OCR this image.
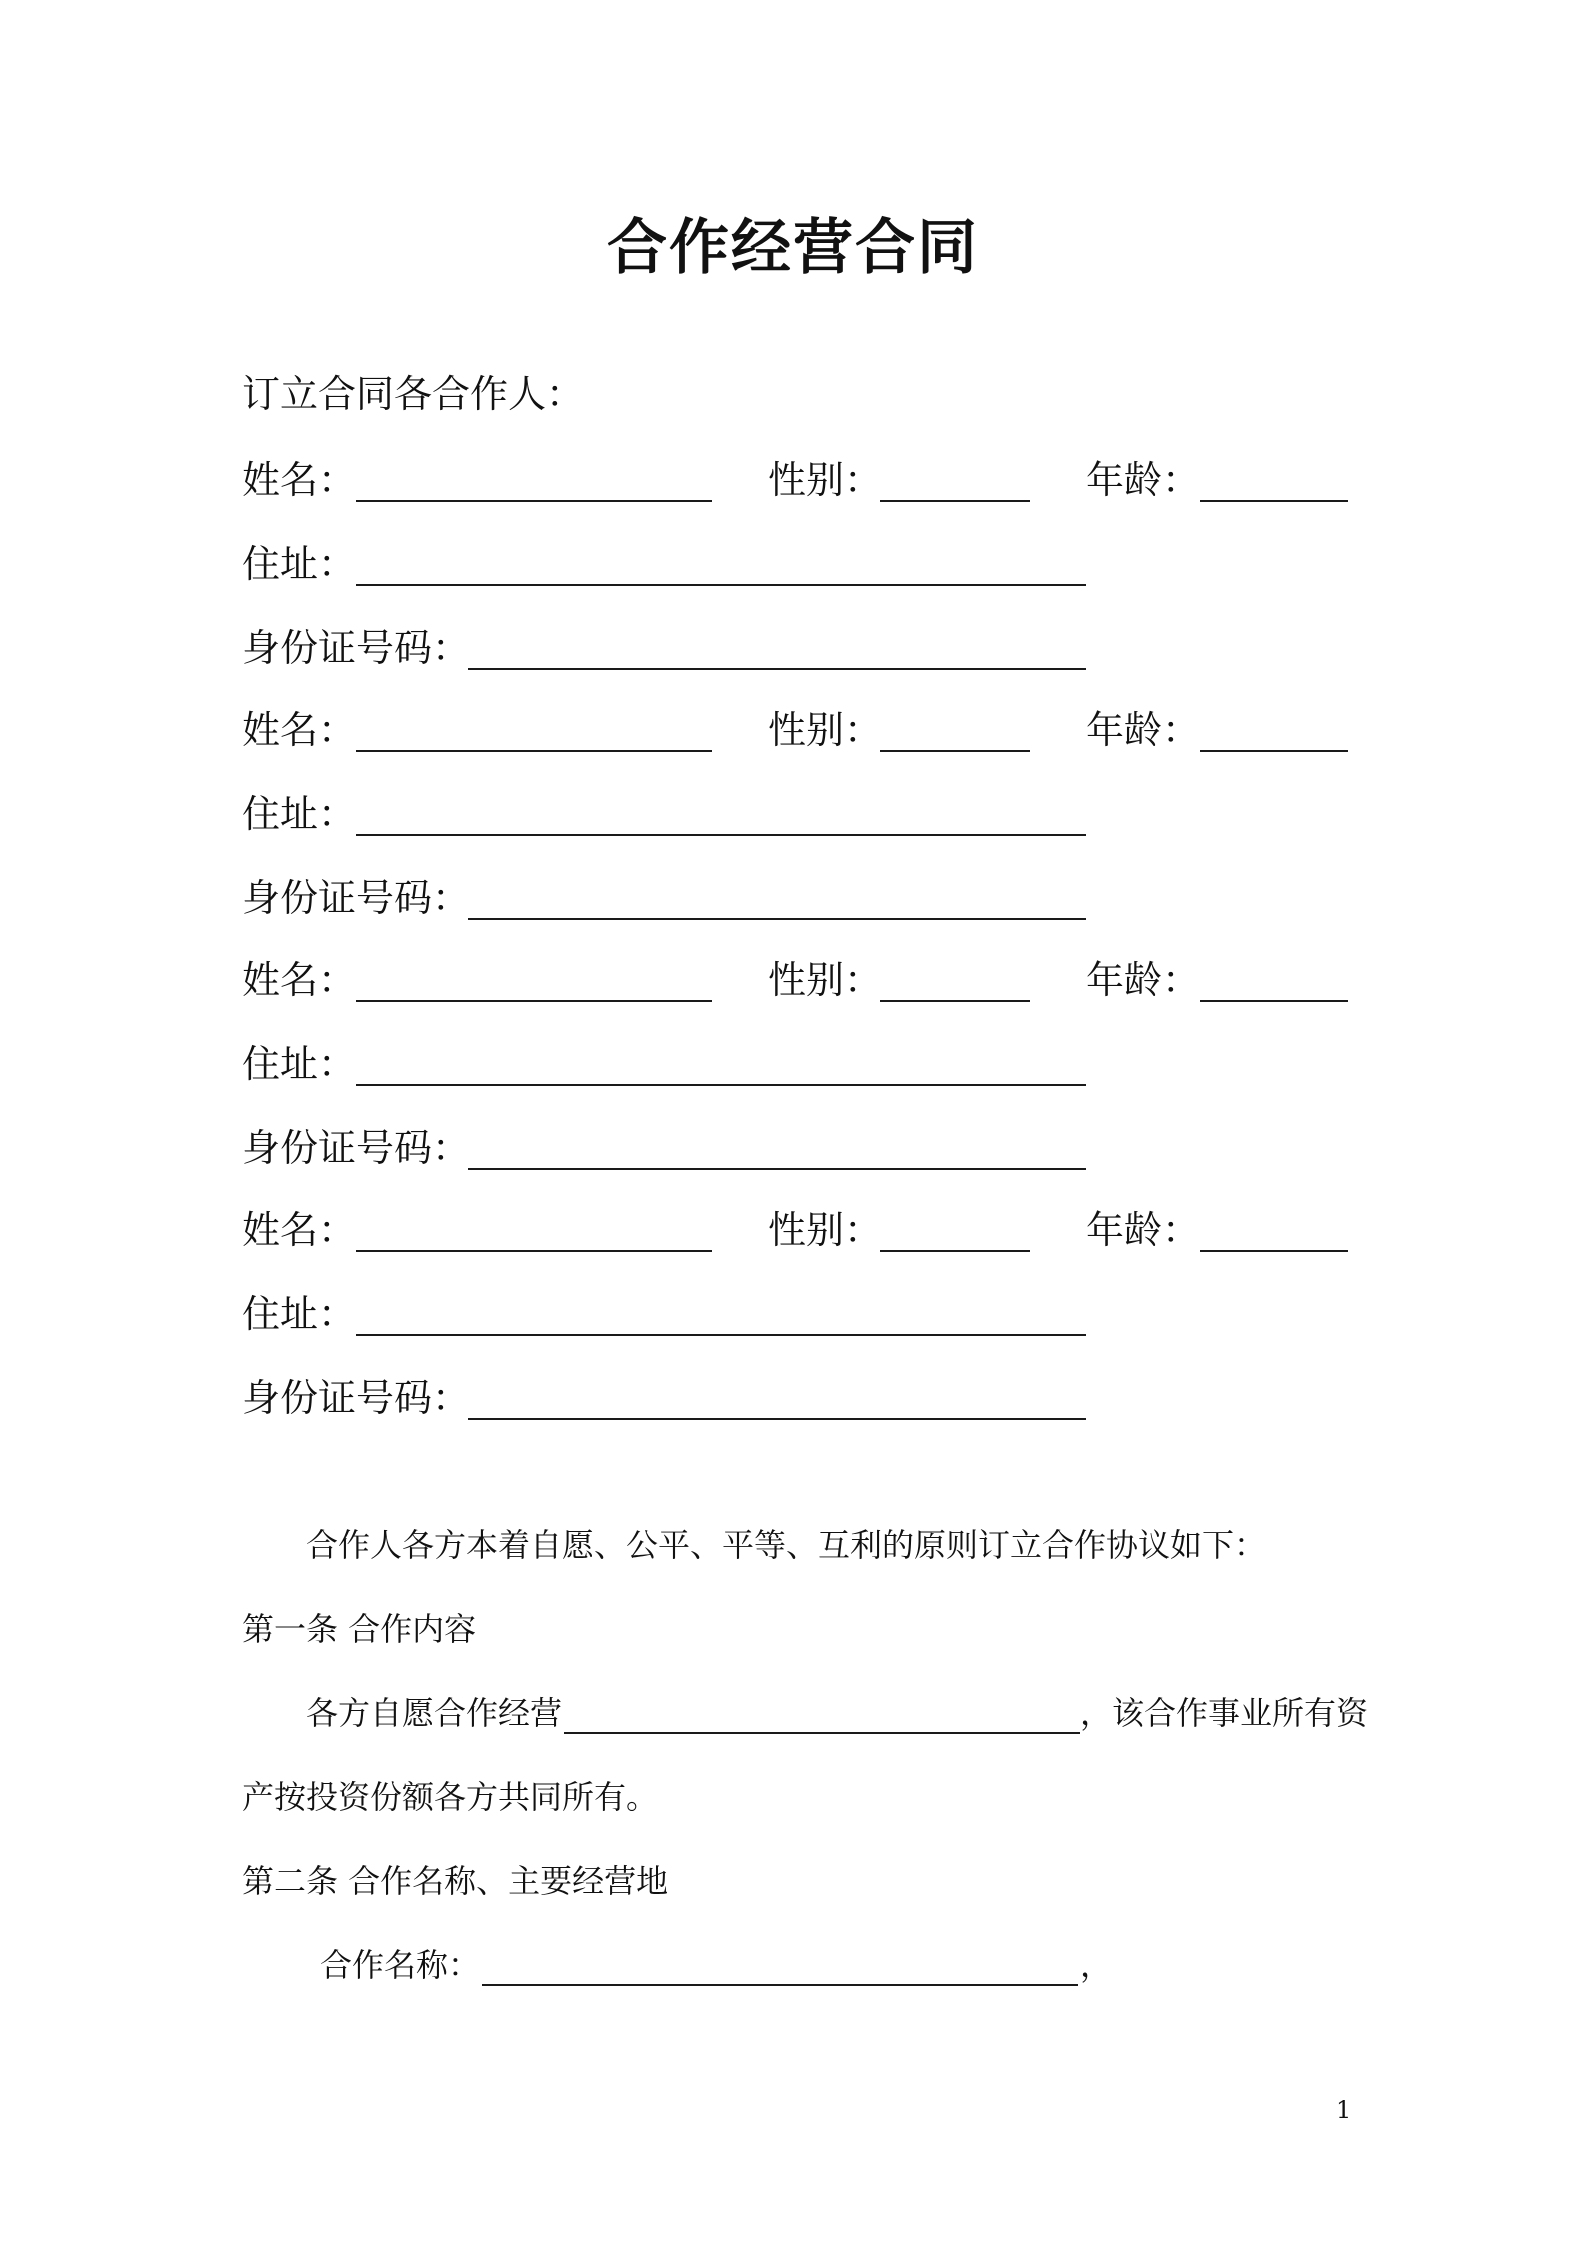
合作经营合同
订立合同各合作人：
姓名：	性别：	年龄：
住址：
身份证号码：
姓名：	性别：	年龄：
住址：
身份证号码：
姓名：	性别：	年龄：
住址：
身份证号码：
姓名：	性别：	年龄：
住址：
身份证号码：
合作人各方本着自愿、公平、平等、互利的原则订立合作协议如下：
第一条 合作内容
各方自愿合作经营	，该合作事业所有资
产按投资份额各方共同所有。
第二条 合作名称、主要经营地
合作名称：	，
1
